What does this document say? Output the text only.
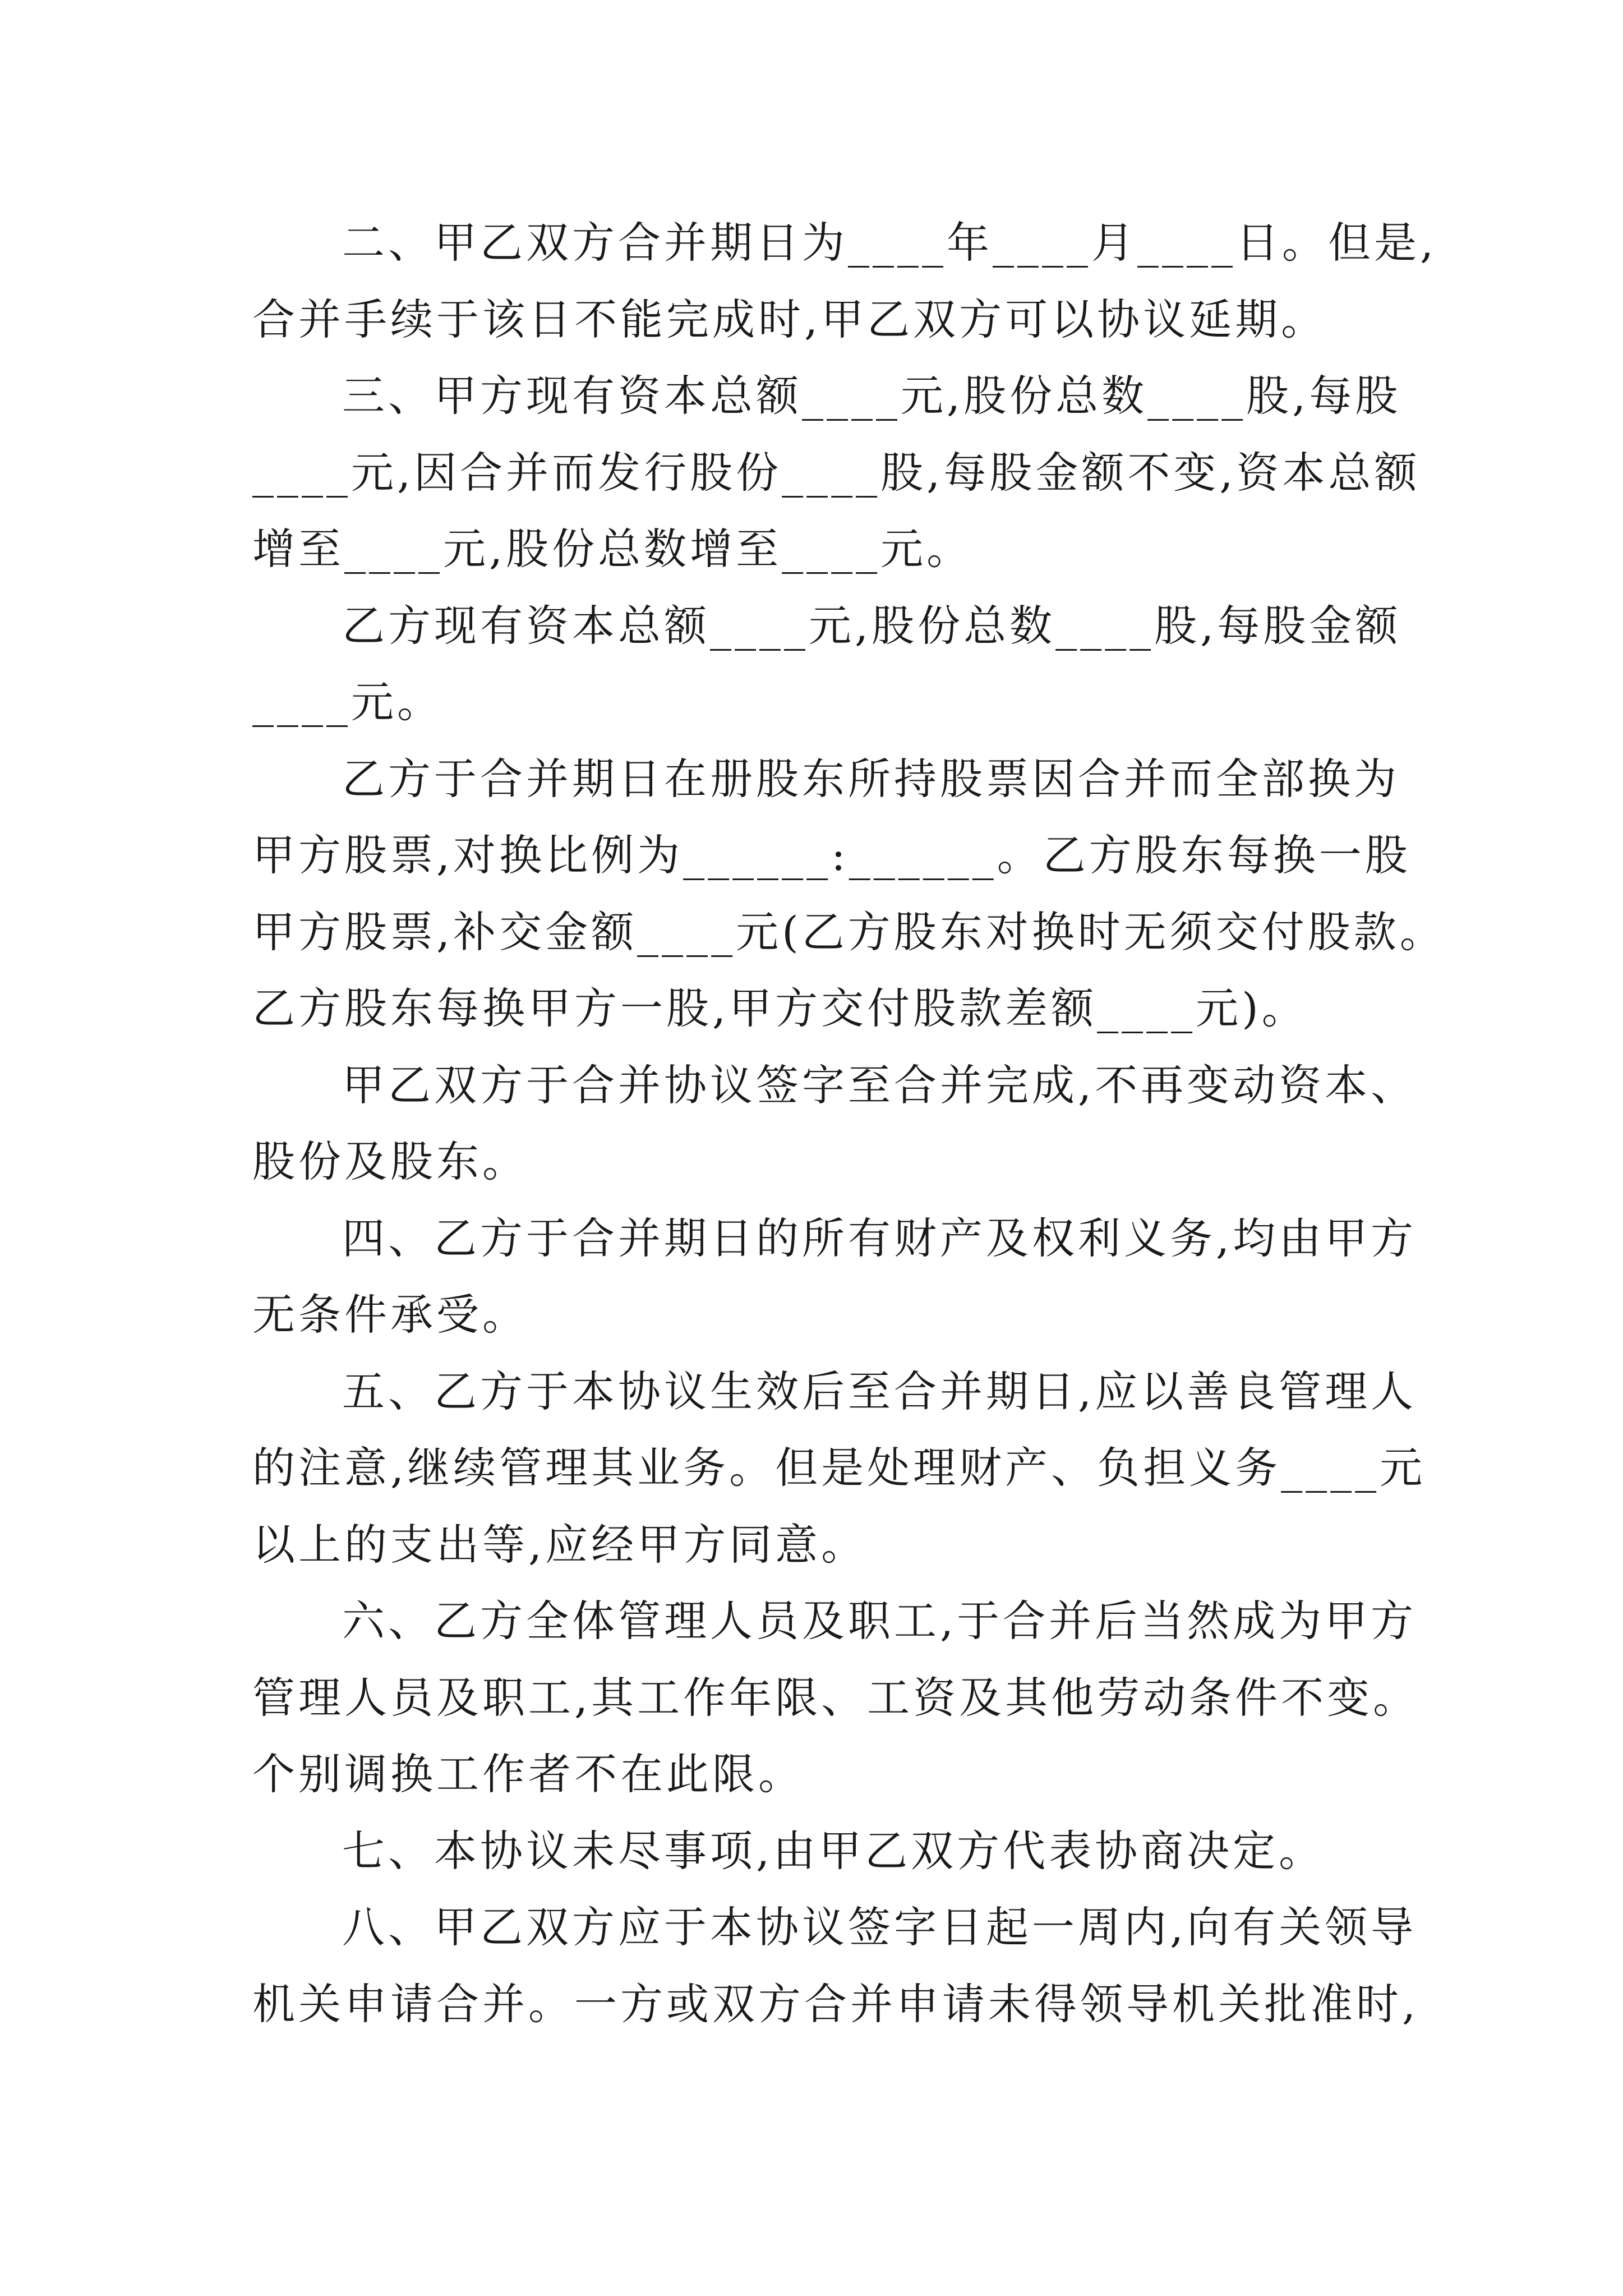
二、甲乙双方合并期日为____年____月____日。但是,
合并手续于该日不能完成时,甲乙双方可以协议延期。

三、甲方现有资本总额____元,股份总数____股,每股
____元,因合并而发行股份____股,每股金额不变,资本总额
增至____元,股份总数增至____元。

乙方现有资本总额____元,股份总数____股,每股金额
____元。

乙方于合并期日在册股东所持股票因合并而全部换为
甲方股票,对换比例为______:______。乙方股东每换一股
甲方股票,补交金额____元(乙方股东对换时无须交付股款。
乙方股东每换甲方一股,甲方交付股款差额____元)。

甲乙双方于合并协议签字至合并完成,不再变动资本、
股份及股东。

四、乙方于合并期日的所有财产及权利义务,均由甲方
无条件承受。

五、乙方于本协议生效后至合并期日,应以善良管理人
的注意,继续管理其业务。但是处理财产、负担义务____元
以上的支出等,应经甲方同意。

六、乙方全体管理人员及职工,于合并后当然成为甲方
管理人员及职工,其工作年限、工资及其他劳动条件不变。
个别调换工作者不在此限。

七、本协议未尽事项,由甲乙双方代表协商决定。

八、甲乙双方应于本协议签字日起一周内,向有关领导
机关申请合并。一方或双方合并申请未得领导机关批准时,
